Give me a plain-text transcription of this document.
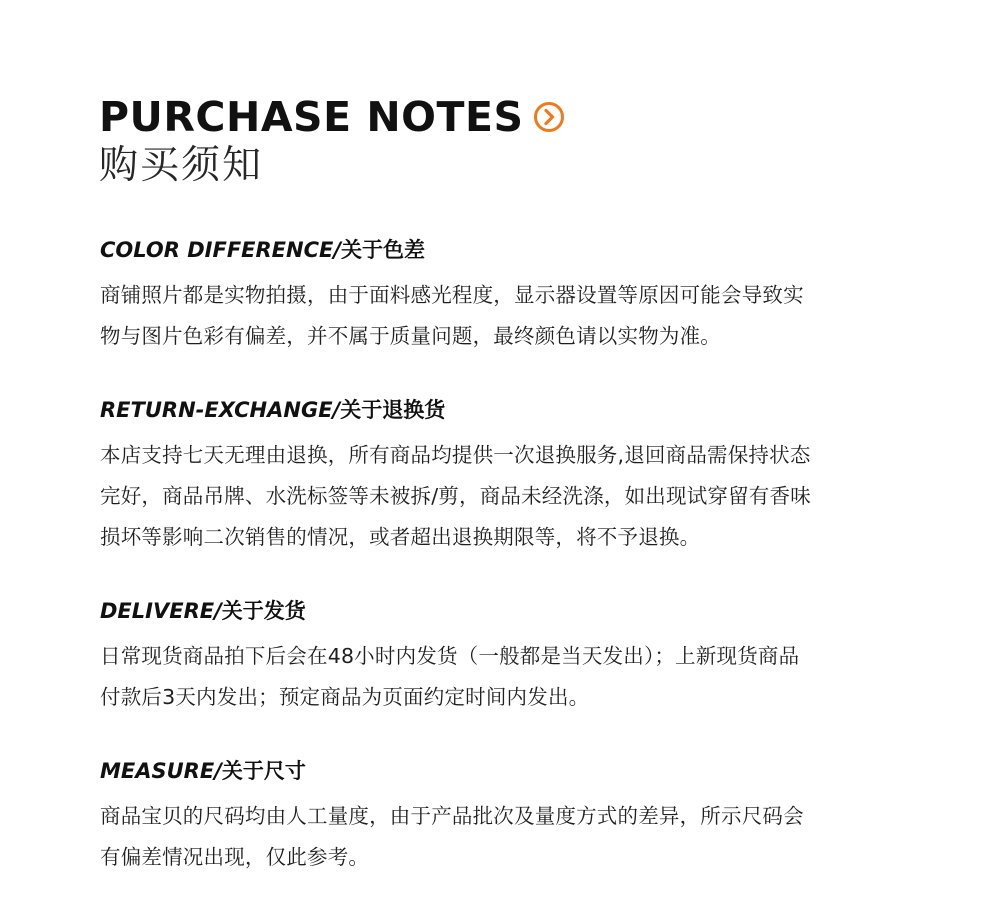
PURCHASE NOTES
购买须知
COLOR DIFFERENCE/关于色差
商铺照片都是实物拍摄，由于面料感光程度，显示器设置等原因可能会导致实
物与图片色彩有偏差，并不属于质量问题，最终颜色请以实物为准。
RETURN-EXCHANGE/关于退换货
本店支持七天无理由退换，所有商品均提供一次退换服务,退回商品需保持状态
完好，商品吊牌、水洗标签等未被拆/剪，商品未经洗涤，如出现试穿留有香味
损坏等影响二次销售的情况，或者超出退换期限等，将不予退换。
DELIVERE/关于发货
日常现货商品拍下后会在48小时内发货（一般都是当天发出）；上新现货商品
付款后3天内发出；预定商品为页面约定时间内发出。
MEASURE/关于尺寸
商品宝贝的尺码均由人工量度，由于产品批次及量度方式的差异，所示尺码会
有偏差情况出现，仅此参考。
